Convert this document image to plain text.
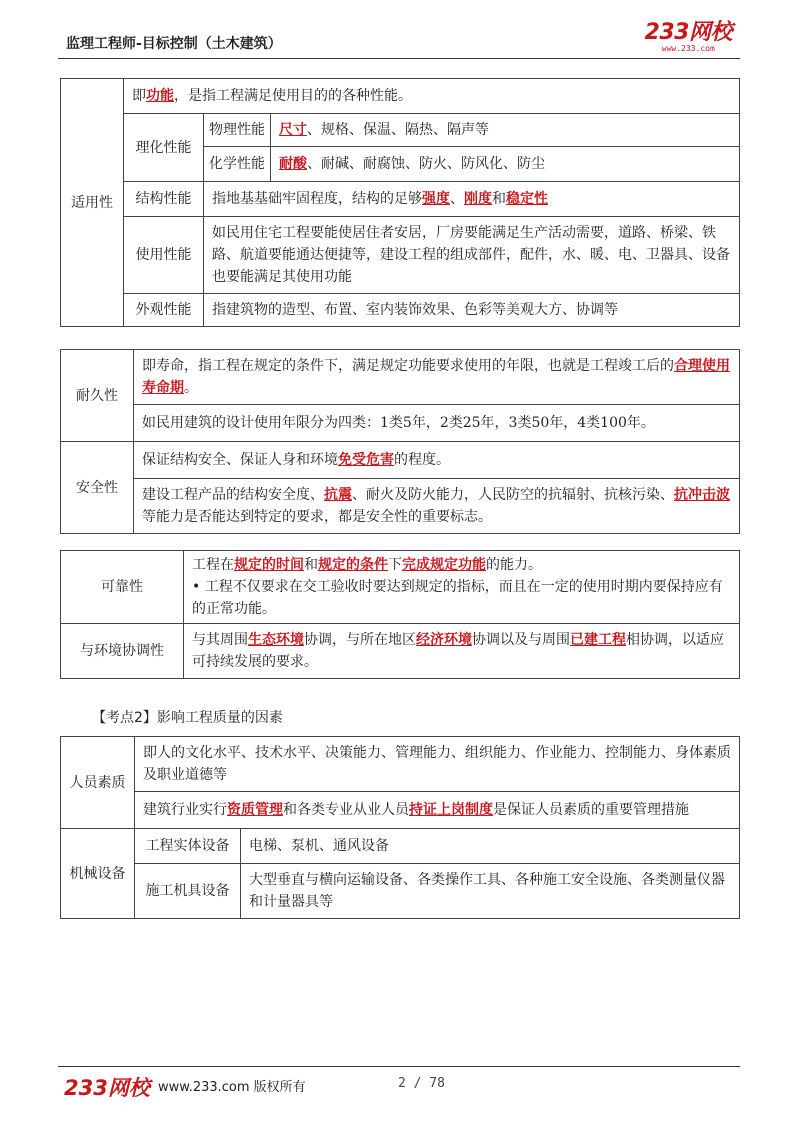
监理工程师-目标控制（土木建筑）	233网校
www.233.com
适用性	即功能，是指工程满足使用目的的各种性能。		
	理化性能	物理性能	尺寸、规格、保温、隔热、隔声等
		化学性能	耐酸、耐碱、耐腐蚀、防火、防风化、防尘
	结构性能	指地基基础牢固程度，结构的足够强度、刚度和稳定性	
	使用性能	如民用住宅工程要能使居住者安居，厂房要能满足生产活动需要，道路、桥梁、铁路、航道要能通达便捷等，建设工程的组成部件，配件，水、暖、电、卫器具、设备也要能满足其使用功能	
	外观性能	指建筑物的造型、布置、室内装饰效果、色彩等美观大方、协调等	
耐久性	即寿命，指工程在规定的条件下，满足规定功能要求使用的年限，也就是工程竣工后的合理使用寿命期。
	如民用建筑的设计使用年限分为四类：1类5年，2类25年，3类50年，4类100年。
安全性	保证结构安全、保证人身和环境免受危害的程度。
	建设工程产品的结构安全度、抗震、耐火及防火能力，人民防空的抗辐射、抗核污染、抗冲击波等能力是否能达到特定的要求，都是安全性的重要标志。
可靠性	工程在规定的时间和规定的条件下完成规定功能的能力。
• 工程不仅要求在交工验收时要达到规定的指标，而且在一定的使用时期内要保持应有的正常功能。

与环境协调性	与其周围生态环境协调，与所在地区经济环境协调以及与周围已建工程相协调，以适应可持续发展的要求。
【考点2】影响工程质量的因素
人员素质	即人的文化水平、技术水平、决策能力、管理能力、组织能力、作业能力、控制能力、身体素质及职业道德等	
	建筑行业实行资质管理和各类专业从业人员持证上岗制度是保证人员素质的重要管理措施	
机械设备	工程实体设备	电梯、泵机、通风设备
	施工机具设备	大型垂直与横向运输设备、各类操作工具、各种施工安全设施、各类测量仪器和计量器具等
233网校 www.233.com 版权所有	2 / 78
